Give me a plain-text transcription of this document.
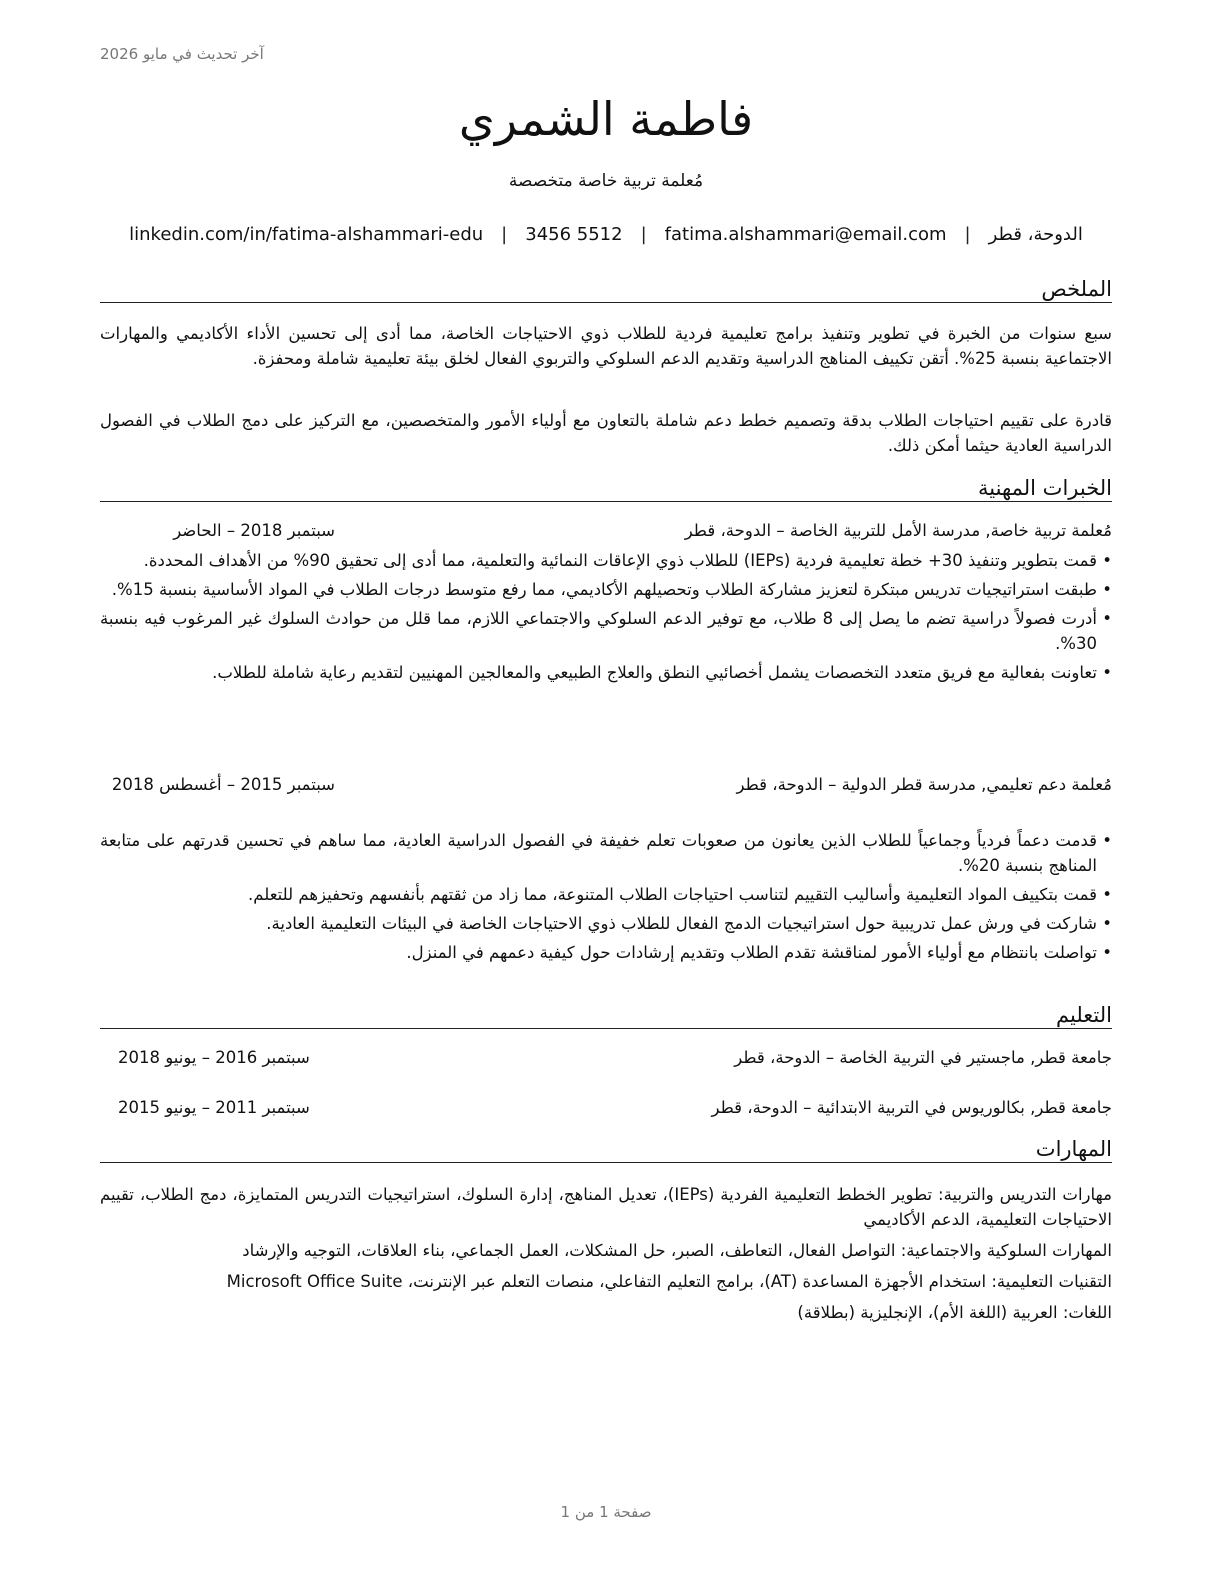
آخر تحديث في مايو 2026
فاطمة الشمري
مُعلمة تربية خاصة متخصصة
الدوحة، قطر
|
fatima.alshammari@email.com
|
3456 5512
|
linkedin.com/in/fatima-alshammari-edu
الملخص

سبع سنوات من الخبرة في تطوير وتنفيذ برامج تعليمية فردية للطلاب ذوي الاحتياجات الخاصة، مما أدى إلى تحسين الأداء الأكاديمي والمهارات الاجتماعية بنسبة 25%. أتقن تكييف المناهج الدراسية وتقديم الدعم السلوكي والتربوي الفعال لخلق بيئة تعليمية شاملة ومحفزة.

قادرة على تقييم احتياجات الطلاب بدقة وتصميم خطط دعم شاملة بالتعاون مع أولياء الأمور والمتخصصين، مع التركيز على دمج الطلاب في الفصول الدراسية العادية حيثما أمكن ذلك.

الخبرات المهنية
مُعلمة تربية خاصة, مدرسة الأمل للتربية الخاصة – الدوحة، قطر
سبتمبر 2018 – الحاضر
• قمت بتطوير وتنفيذ 30+ خطة تعليمية فردية (IEPs) للطلاب ذوي الإعاقات النمائية والتعلمية، مما أدى إلى تحقيق 90% من الأهداف المحددة.
• طبقت استراتيجيات تدريس مبتكرة لتعزيز مشاركة الطلاب وتحصيلهم الأكاديمي، مما رفع متوسط درجات الطلاب في المواد الأساسية بنسبة 15%.
• أدرت فصولاً دراسية تضم ما يصل إلى 8 طلاب، مع توفير الدعم السلوكي والاجتماعي اللازم، مما قلل من حوادث السلوك غير المرغوب فيه بنسبة 30%.
• تعاونت بفعالية مع فريق متعدد التخصصات يشمل أخصائيي النطق والعلاج الطبيعي والمعالجين المهنيين لتقديم رعاية شاملة للطلاب.
مُعلمة دعم تعليمي, مدرسة قطر الدولية – الدوحة، قطر
سبتمبر 2015 – أغسطس 2018
• قدمت دعماً فردياً وجماعياً للطلاب الذين يعانون من صعوبات تعلم خفيفة في الفصول الدراسية العادية، مما ساهم في تحسين قدرتهم على متابعة المناهج بنسبة 20%.
• قمت بتكييف المواد التعليمية وأساليب التقييم لتناسب احتياجات الطلاب المتنوعة، مما زاد من ثقتهم بأنفسهم وتحفيزهم للتعلم.
• شاركت في ورش عمل تدريبية حول استراتيجيات الدمج الفعال للطلاب ذوي الاحتياجات الخاصة في البيئات التعليمية العادية.
• تواصلت بانتظام مع أولياء الأمور لمناقشة تقدم الطلاب وتقديم إرشادات حول كيفية دعمهم في المنزل.
التعليم
جامعة قطر, ماجستير في التربية الخاصة – الدوحة، قطر
سبتمبر 2016 – يونيو 2018
جامعة قطر, بكالوريوس في التربية الابتدائية – الدوحة، قطر
سبتمبر 2011 – يونيو 2015
المهارات

مهارات التدريس والتربية: تطوير الخطط التعليمية الفردية (IEPs)، تعديل المناهج، إدارة السلوك، استراتيجيات التدريس المتمايزة، دمج الطلاب، تقييم الاحتياجات التعليمية، الدعم الأكاديمي

المهارات السلوكية والاجتماعية: التواصل الفعال، التعاطف، الصبر، حل المشكلات، العمل الجماعي، بناء العلاقات، التوجيه والإرشاد

التقنيات التعليمية: استخدام الأجهزة المساعدة (AT)، برامج التعليم التفاعلي، منصات التعلم عبر الإنترنت، Microsoft Office Suite

اللغات: العربية (اللغة الأم)، الإنجليزية (بطلاقة)

صفحة 1 من 1
